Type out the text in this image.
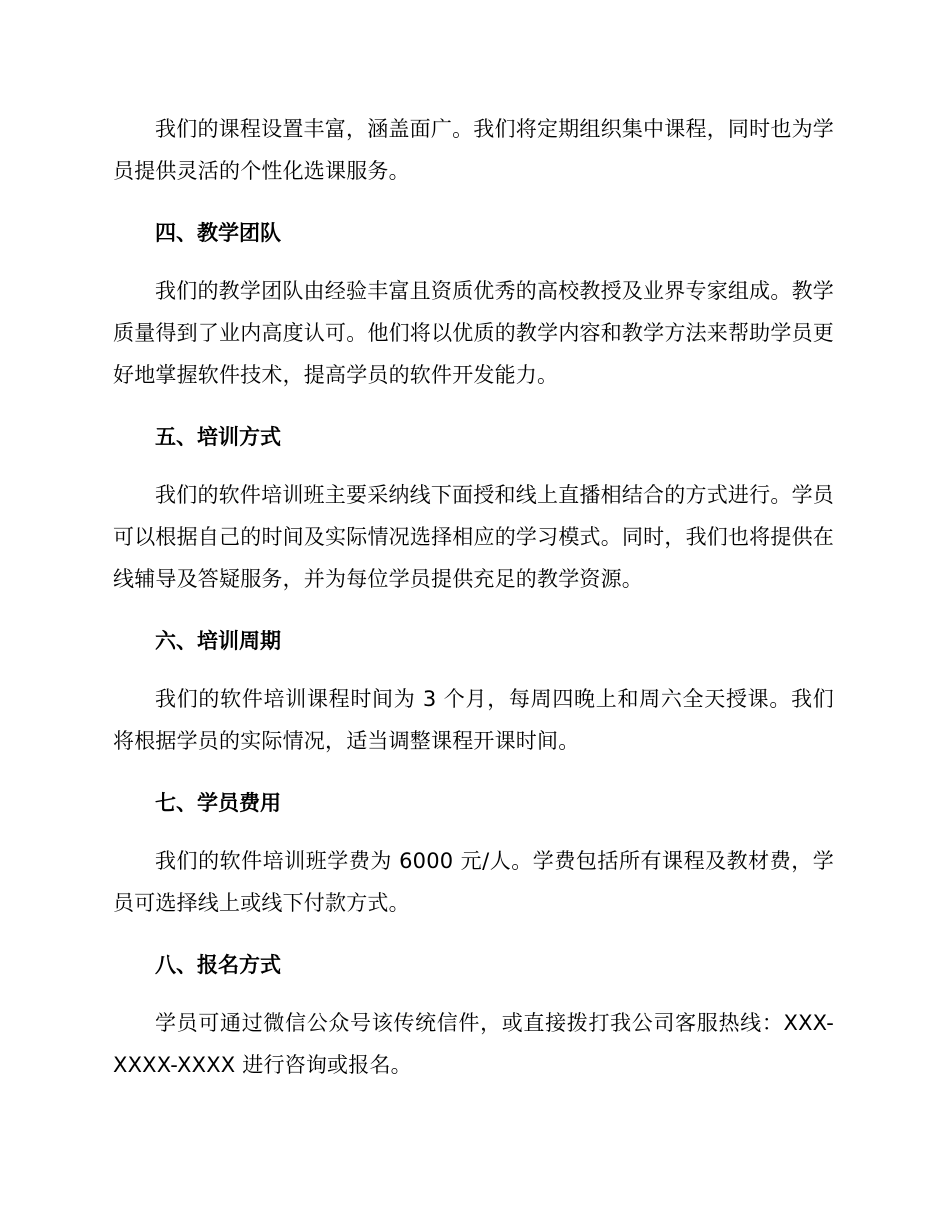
我们的课程设置丰富，涵盖面广。我们将定期组织集中课程，同时也为学员提供灵活的个性化选课服务。

四、教学团队

我们的教学团队由经验丰富且资质优秀的高校教授及业界专家组成。教学质量得到了业内高度认可。他们将以优质的教学内容和教学方法来帮助学员更好地掌握软件技术，提高学员的软件开发能力。

五、培训方式

我们的软件培训班主要采纳线下面授和线上直播相结合的方式进行。学员可以根据自己的时间及实际情况选择相应的学习模式。同时，我们也将提供在线辅导及答疑服务，并为每位学员提供充足的教学资源。

六、培训周期

我们的软件培训课程时间为 3 个月，每周四晚上和周六全天授课。我们将根据学员的实际情况，适当调整课程开课时间。

七、学员费用

我们的软件培训班学费为 6000 元/人。学费包括所有课程及教材费，学员可选择线上或线下付款方式。

八、报名方式

学员可通过微信公众号该传统信件，或直接拨打我公司客服热线：XXX-XXXX-XXXX 进行咨询或报名。
